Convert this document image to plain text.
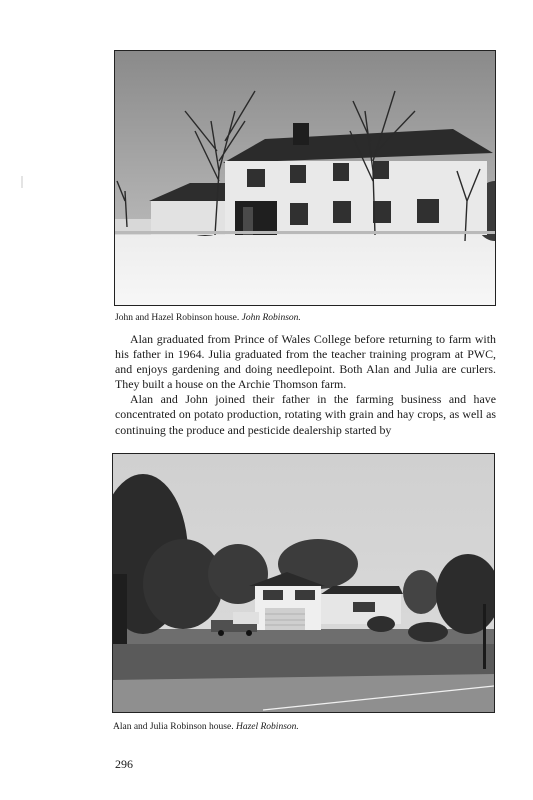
John and Hazel Robinson house. John Robinson.

Alan graduated from Prince of Wales College before returning to farm with his father in 1964. Julia graduated from the teacher training program at PWC, and enjoys gardening and doing needlepoint. Both Alan and Julia are curlers. They built a house on the Archie Thomson farm.

Alan and John joined their father in the farming business and have concentrated on potato production, rotating with grain and hay crops, as well as continuing the produce and pesticide dealership started by

Alan and Julia Robinson house. Hazel Robinson.
296
